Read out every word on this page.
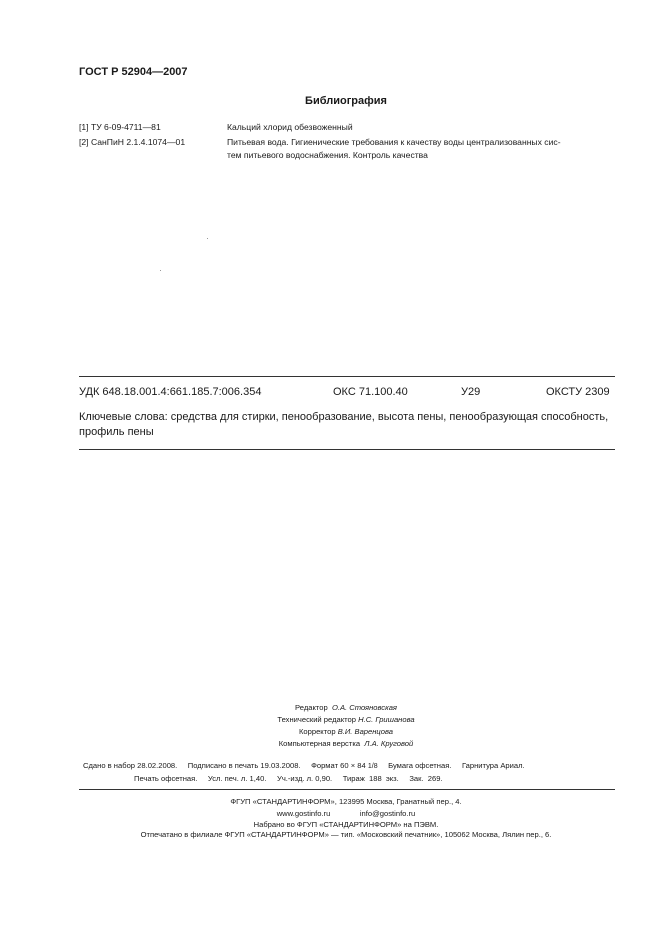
ГОСТ Р 52904—2007
Библиография
[1] ТУ 6-09-4711—81	Кальций хлорид обезвоженный
[2] СанПиН 2.1.4.1074—01	Питьевая вода. Гигиенические требования к качеству воды централизованных сис-
тем питьевого водоснабжения. Контроль качества
УДК 648.18.001.4:661.185.7:006.354	ОКС 71.100.40	У29	ОКСТУ 2309
Ключевые слова: средства для стирки, пенообразование, высота пены, пенообразующая способность, профиль пены
Редактор О.А. Стояновская
Технический редактор Н.С. Гришанова
Корректор В.И. Варенцова
Компьютерная верстка Л.А. Круговой
Сдано в набор 28.02.2008.     Подписано в печать 19.03.2008.     Формат 60 × 84 1/8 Бумага офсетная.     Гарнитура Ариал.
Печать офсетная.     Усл. печ. л. 1,40.     Уч.-изд. л. 0,90.     Тираж  188  экз.     Зак.  269.
ФГУП «СТАНДАРТИНФОРМ», 123995 Москва, Гранатный пер., 4.
www.gostinfo.ru	info@gostinfo.ru
Набрано во ФГУП «СТАНДАРТИНФОРМ» на ПЭВМ.
Отпечатано в филиале ФГУП «СТАНДАРТИНФОРМ» — тип. «Московский печатник», 105062 Москва, Лялин пер., 6.
